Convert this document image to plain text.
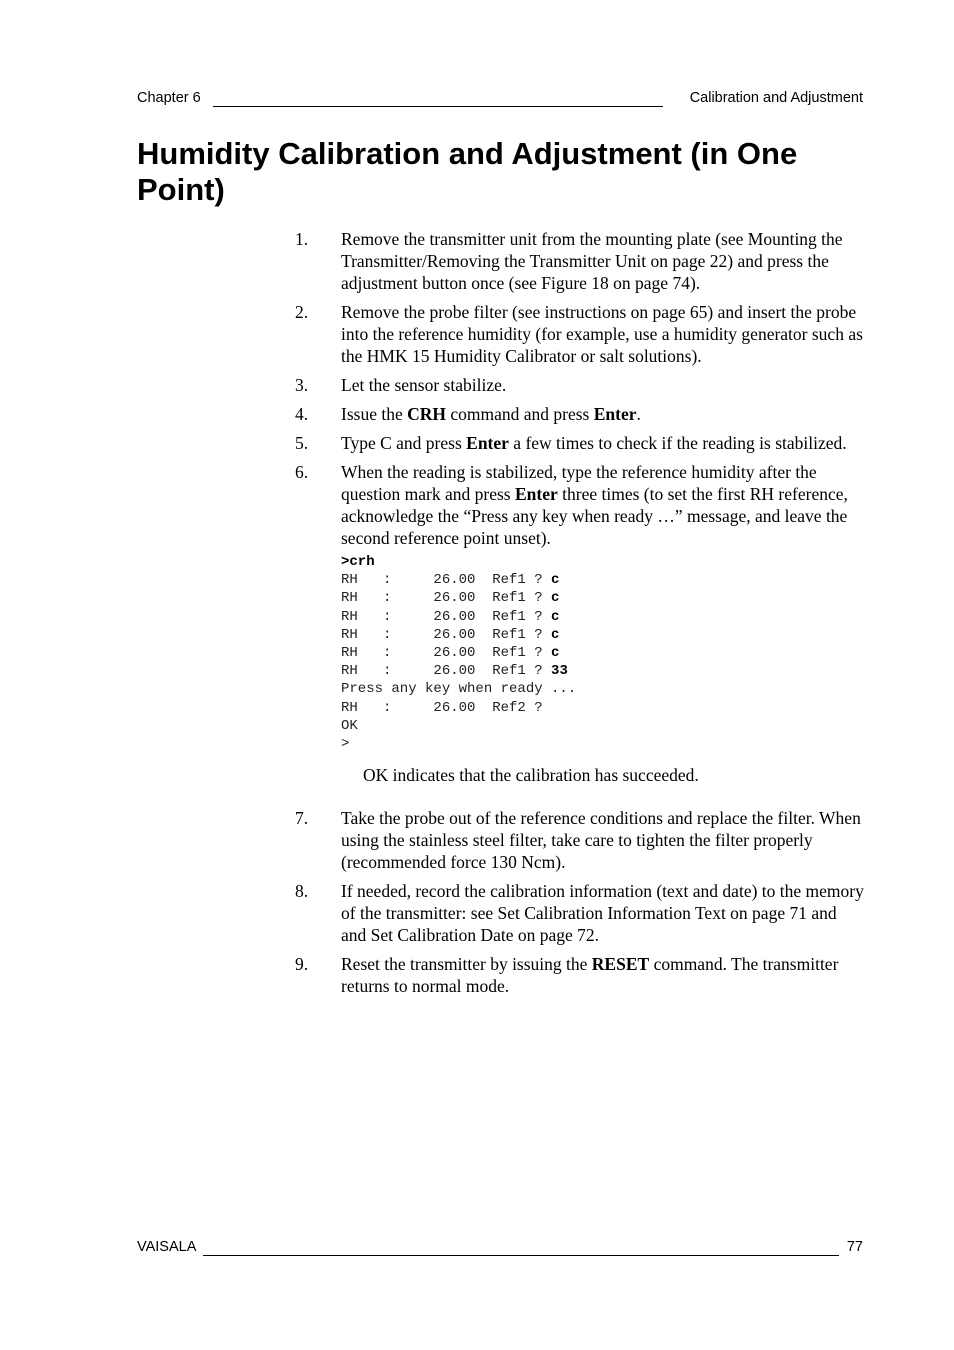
Chapter 6	Calibration and Adjustment
Humidity Calibration and Adjustment (in One Point)
1. Remove the transmitter unit from the mounting plate (see Mounting the Transmitter/Removing the Transmitter Unit on page 22) and press the adjustment button once (see Figure 18 on page 74).
2. Remove the probe filter (see instructions on page 65) and insert the probe into the reference humidity (for example, use a humidity generator such as the HMK 15 Humidity Calibrator or salt solutions).
3. Let the sensor stabilize.
4. Issue the CRH command and press Enter.
5. Type C and press Enter a few times to check if the reading is stabilized.
6. When the reading is stabilized, type the reference humidity after the question mark and press Enter three times (to set the first RH reference, acknowledge the “Press any key when ready …” message, and leave the second reference point unset).
>crh
RH   :     26.00  Ref1 ? c
RH   :     26.00  Ref1 ? c
RH   :     26.00  Ref1 ? c
RH   :     26.00  Ref1 ? c
RH   :     26.00  Ref1 ? c
RH   :     26.00  Ref1 ? 33
Press any key when ready ...
RH   :     26.00  Ref2 ?
OK
>
OK indicates that the calibration has succeeded.
7. Take the probe out of the reference conditions and replace the filter. When using the stainless steel filter, take care to tighten the filter properly (recommended force 130 Ncm).
8. If needed, record the calibration information (text and date) to the memory of the transmitter: see Set Calibration Information Text on page 71 and and Set Calibration Date on page 72.
9. Reset the transmitter by issuing the RESET command. The transmitter returns to normal mode.
VAISALA	77
